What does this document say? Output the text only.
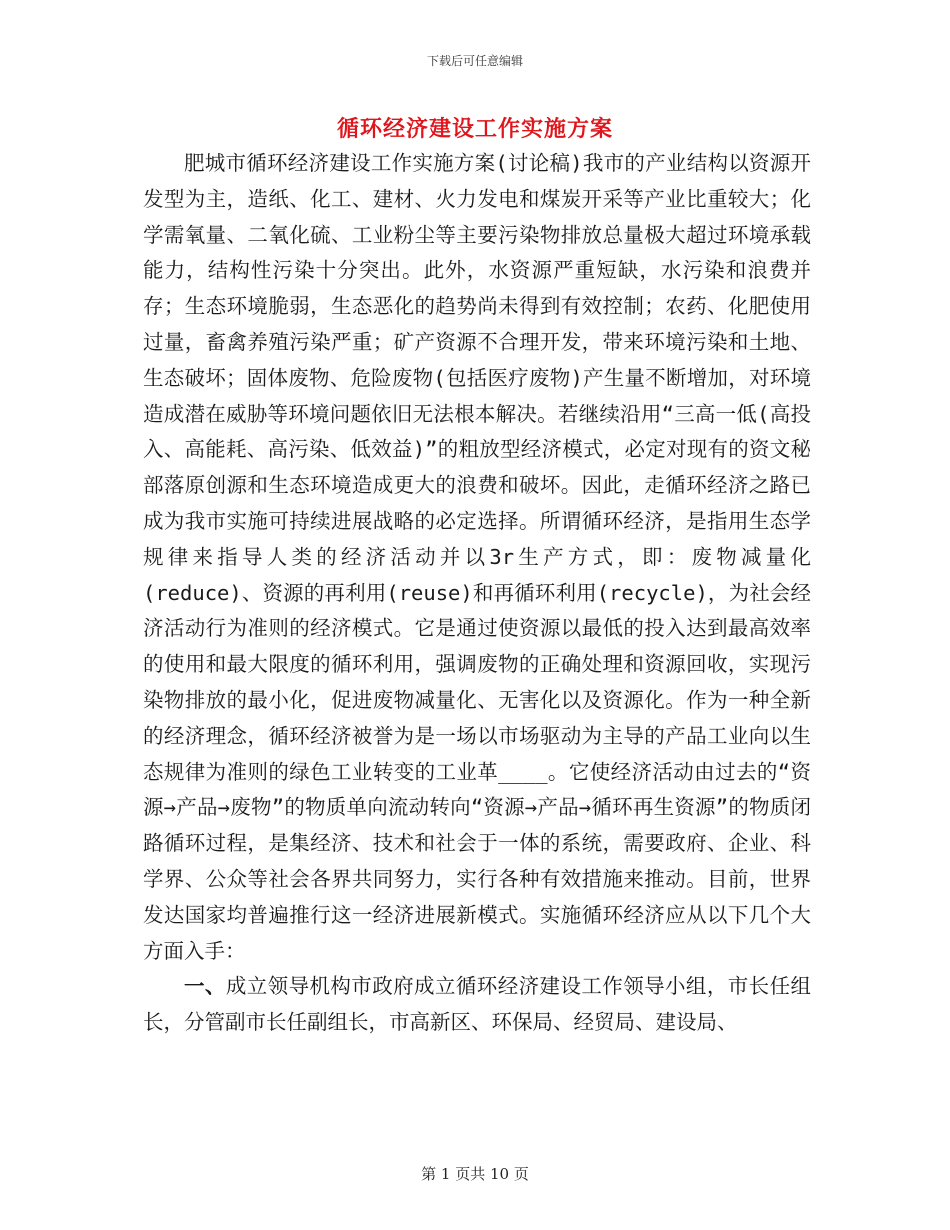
下载后可任意编辑
循环经济建设工作实施方案

肥城市循环经济建设工作实施方案(讨论稿)我市的产业结构以资源开发型为主，造纸、化工、建材、火力发电和煤炭开采等产业比重较大；化学需氧量、二氧化硫、工业粉尘等主要污染物排放总量极大超过环境承载能力，结构性污染十分突出。此外，水资源严重短缺，水污染和浪费并存；生态环境脆弱，生态恶化的趋势尚未得到有效控制；农药、化肥使用过量，畜禽养殖污染严重；矿产资源不合理开发，带来环境污染和土地、生态破坏；固体废物、危险废物(包括医疗废物)产生量不断增加，对环境造成潜在威胁等环境问题依旧无法根本解决。若继续沿用“三高一低(高投入、高能耗、高污染、低效益)”的粗放型经济模式，必定对现有的资文秘部落原创源和生态环境造成更大的浪费和破坏。因此，走循环经济之路已成为我市实施可持续进展战略的必定选择。所谓循环经济，是指用生态学规律来指导人类的经济活动并以3r生产方式，即：废物减量化(reduce)、资源的再利用(reuse)和再循环利用(recycle)，为社会经济活动行为准则的经济模式。它是通过使资源以最低的投入达到最高效率的使用和最大限度的循环利用，强调废物的正确处理和资源回收，实现污染物排放的最小化，促进废物减量化、无害化以及资源化。作为一种全新的经济理念，循环经济被誉为是一场以市场驱动为主导的产品工业向以生态规律为准则的绿色工业转变的工业革____。它使经济活动由过去的“资源→产品→废物”的物质单向流动转向“资源→产品→循环再生资源”的物质闭路循环过程，是集经济、技术和社会于一体的系统，需要政府、企业、科学界、公众等社会各界共同努力，实行各种有效措施来推动。目前，世界发达国家均普遍推行这一经济进展新模式。实施循环经济应从以下几个大方面入手：

一、成立领导机构市政府成立循环经济建设工作领导小组，市长任组长，分管副市长任副组长，市高新区、环保局、经贸局、建设局、

第 1 页共 10 页
